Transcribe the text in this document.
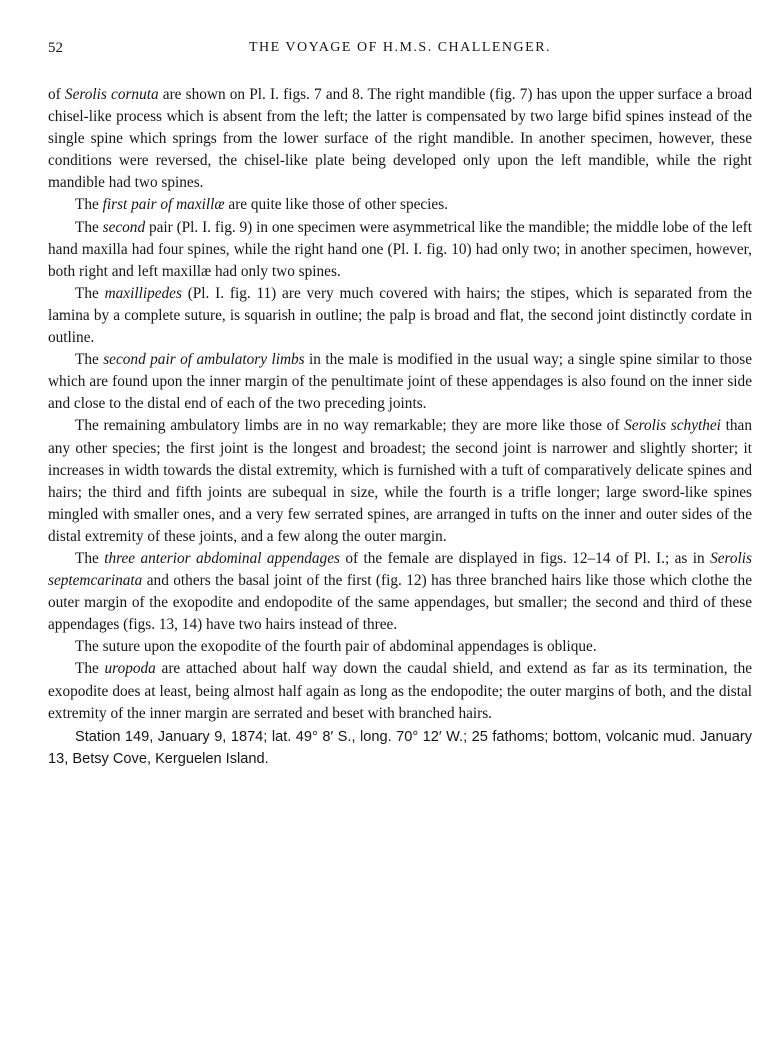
52	THE VOYAGE OF H.M.S. CHALLENGER.

of Serolis cornuta are shown on Pl. I. figs. 7 and 8. The right mandible (fig. 7) has upon the upper surface a broad chisel-like process which is absent from the left; the latter is compensated by two large bifid spines instead of the single spine which springs from the lower surface of the right mandible. In another specimen, however, these conditions were reversed, the chisel-like plate being developed only upon the left mandible, while the right mandible had two spines.

The first pair of maxillæ are quite like those of other species.

The second pair (Pl. I. fig. 9) in one specimen were asymmetrical like the mandible; the middle lobe of the left hand maxilla had four spines, while the right hand one (Pl. I. fig. 10) had only two; in another specimen, however, both right and left maxillæ had only two spines.

The maxillipedes (Pl. I. fig. 11) are very much covered with hairs; the stipes, which is separated from the lamina by a complete suture, is squarish in outline; the palp is broad and flat, the second joint distinctly cordate in outline.

The second pair of ambulatory limbs in the male is modified in the usual way; a single spine similar to those which are found upon the inner margin of the penultimate joint of these appendages is also found on the inner side and close to the distal end of each of the two preceding joints.

The remaining ambulatory limbs are in no way remarkable; they are more like those of Serolis schythei than any other species; the first joint is the longest and broadest; the second joint is narrower and slightly shorter; it increases in width towards the distal extremity, which is furnished with a tuft of comparatively delicate spines and hairs; the third and fifth joints are subequal in size, while the fourth is a trifle longer; large sword-like spines mingled with smaller ones, and a very few serrated spines, are arranged in tufts on the inner and outer sides of the distal extremity of these joints, and a few along the outer margin.

The three anterior abdominal appendages of the female are displayed in figs. 12–14 of Pl. I.; as in Serolis septemcarinata and others the basal joint of the first (fig. 12) has three branched hairs like those which clothe the outer margin of the exopodite and endopodite of the same appendages, but smaller; the second and third of these appendages (figs. 13, 14) have two hairs instead of three.

The suture upon the exopodite of the fourth pair of abdominal appendages is oblique.

The uropoda are attached about half way down the caudal shield, and extend as far as its termination, the exopodite does at least, being almost half again as long as the endopodite; the outer margins of both, and the distal extremity of the inner margin are serrated and beset with branched hairs.

Station 149, January 9, 1874; lat. 49° 8′ S., long. 70° 12′ W.; 25 fathoms; bottom, volcanic mud. January 13, Betsy Cove, Kerguelen Island.
